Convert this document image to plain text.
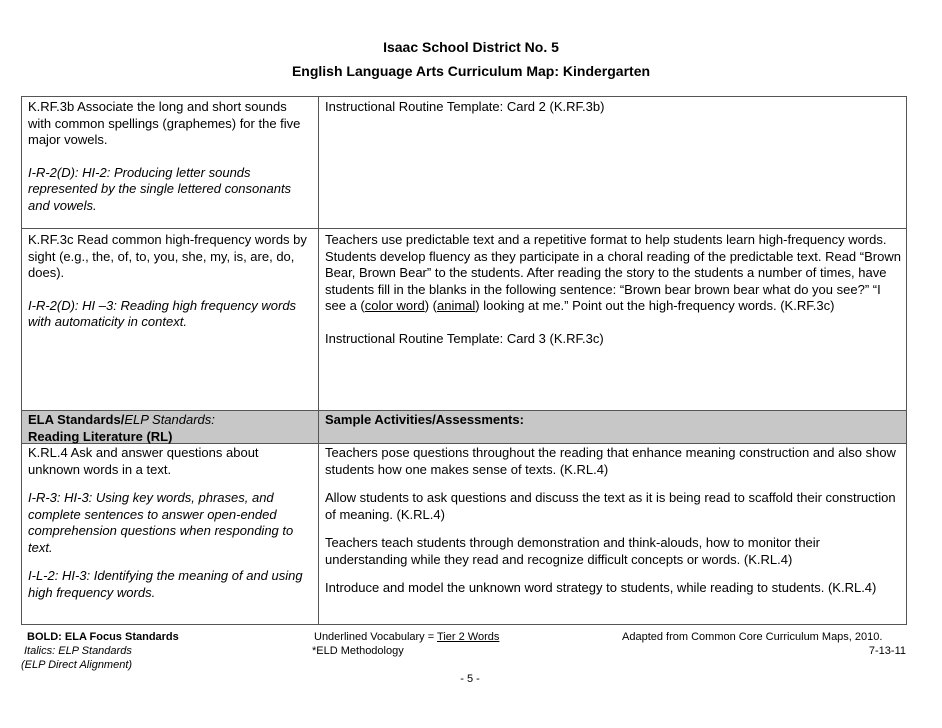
Isaac School District No. 5
English Language Arts Curriculum Map: Kindergarten

K.RF.3b Associate the long and short sounds with common spellings (graphemes) for the five major vowels.

I-R-2(D): HI-2: Producing letter sounds represented by the single lettered consonants and vowels.

Instructional Routine Template: Card 2 (K.RF.3b)

K.RF.3c Read common high-frequency words by sight (e.g., the, of, to, you, she, my, is, are, do, does).

I-R-2(D): HI –3: Reading high frequency words with automaticity in context.

Teachers use predictable text and a repetitive format to help students learn high-frequency words. Students develop fluency as they participate in a choral reading of the predictable text. Read “Brown Bear, Brown Bear” to the students. After reading the story to the students a number of times, have students fill in the blanks in the following sentence: “Brown bear brown bear what do you see?” “I see a (color word) (animal) looking at me.” Point out the high-frequency words. (K.RF.3c)

Instructional Routine Template: Card 3 (K.RF.3c)

ELA Standards/ELP Standards:

Reading Literature (RL)

Sample Activities/Assessments:

K.RL.4 Ask and answer questions about unknown words in a text.

I-R-3: HI-3: Using key words, phrases, and complete sentences to answer open-ended comprehension questions when responding to text.

I-L-2: HI-3: Identifying the meaning of and using high frequency words.

Teachers pose questions throughout the reading that enhance meaning construction and also show students how one makes sense of texts. (K.RL.4)

Allow students to ask questions and discuss the text as it is being read to scaffold their construction of meaning. (K.RL.4)

Teachers teach students through demonstration and think-alouds, how to monitor their understanding while they read and recognize difficult concepts or words. (K.RL.4)

Introduce and model the unknown word strategy to students, while reading to students. (K.RL.4)

BOLD: ELA Focus Standards
Italics: ELP Standards
(ELP Direct Alignment)
Underlined Vocabulary = Tier 2 Words
*ELD Methodology
Adapted from Common Core Curriculum Maps, 2010.
7-13-11
- 5 -
